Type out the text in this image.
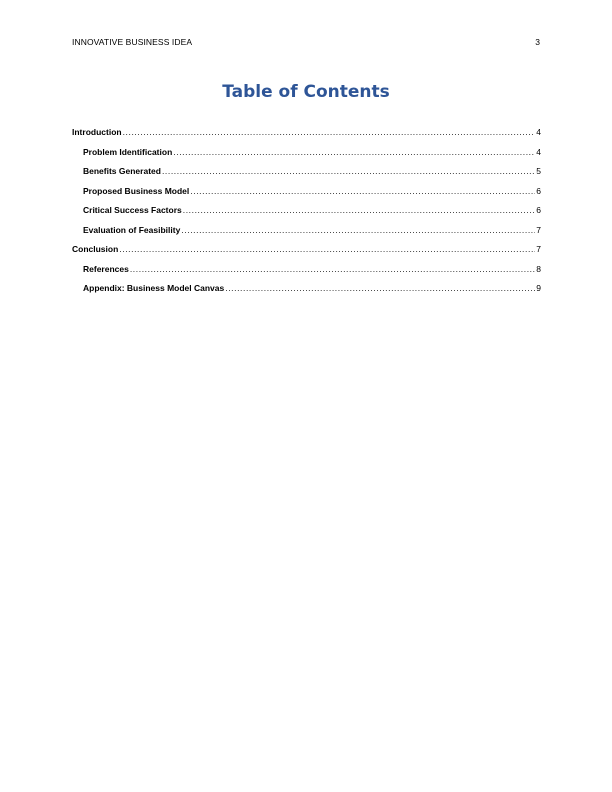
INNOVATIVE BUSINESS IDEA	3
Table of Contents
Introduction .....	4
Problem Identification .....	4
Benefits Generated .....	5
Proposed Business Model .....	6
Critical Success Factors .....	6
Evaluation of Feasibility .....	7
Conclusion .....	7
References .....	8
Appendix: Business Model Canvas .....	9
